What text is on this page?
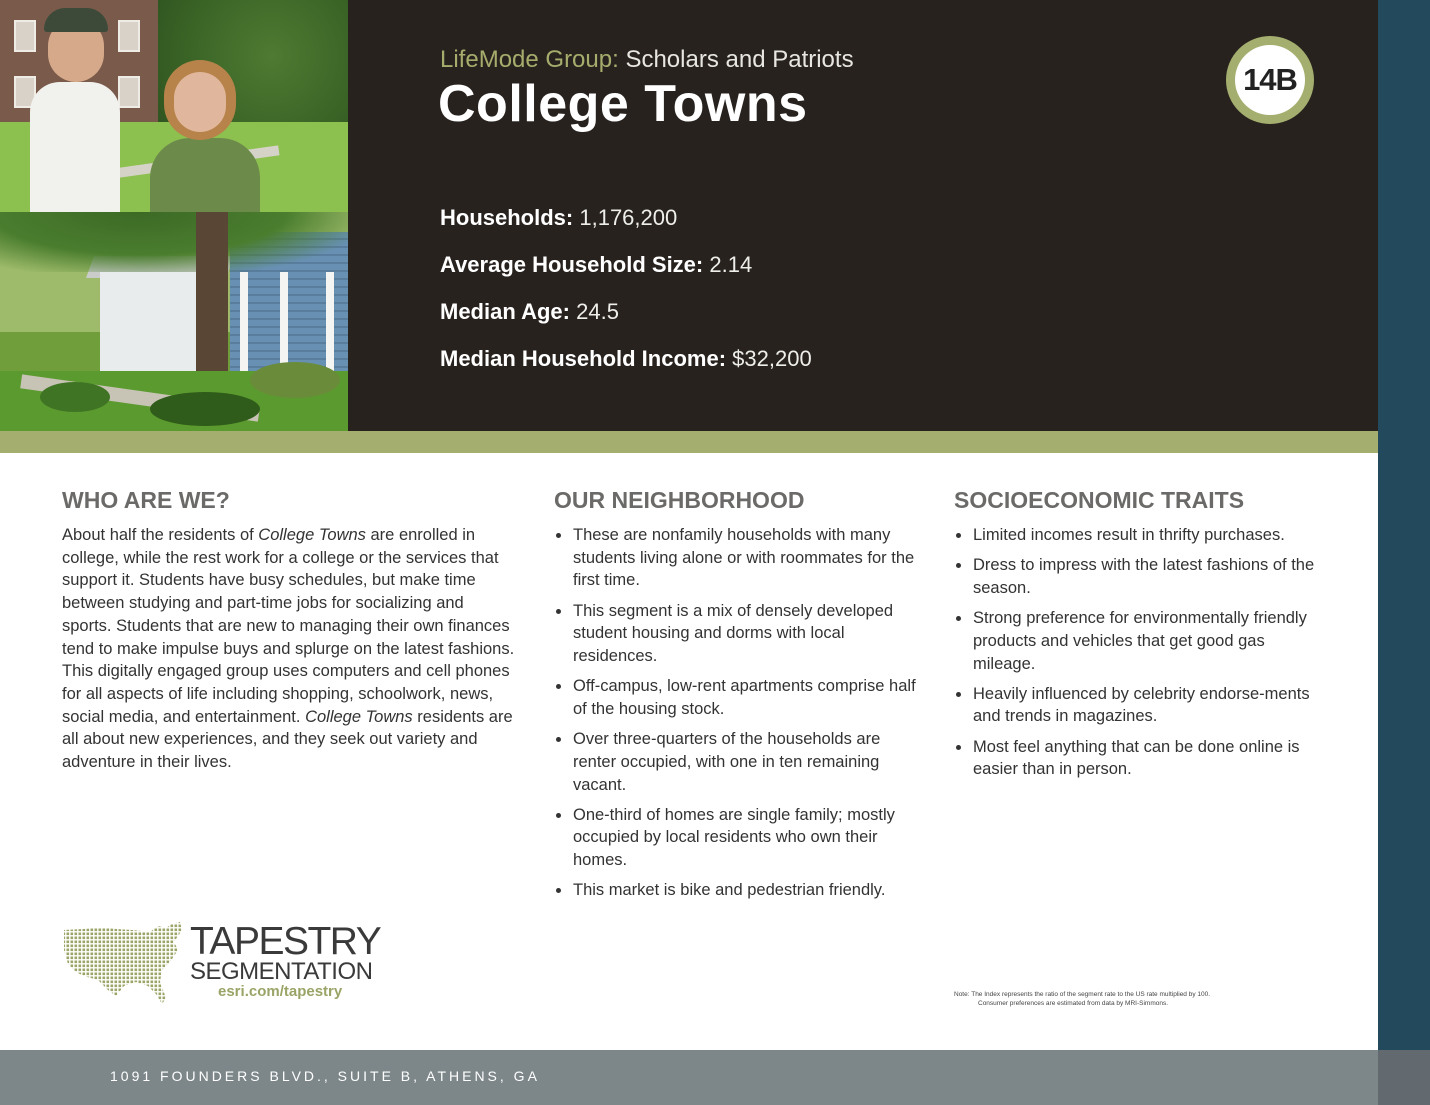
LifeMode Group: Scholars and Patriots
College Towns	14B
Households: 1,176,200
Average Household Size: 2.14
Median Age: 24.5
Median Household Income: $32,200
WHO ARE WE?

About half the residents of College Towns are enrolled in college, while the rest work for a college or the services that support it. Students have busy schedules, but make time between studying and part-time jobs for socializing and sports. Students that are new to managing their own finances tend to make impulse buys and splurge on the latest fashions. This digitally engaged group uses computers and cell phones for all aspects of life including shopping, schoolwork, news, social media, and entertainment. College Towns residents are all about new experiences, and they seek out variety and adventure in their lives.

OUR NEIGHBORHOOD
These are nonfamily households with many students living alone or with roommates for the first time.
This segment is a mix of densely developed student housing and dorms with local residences.
Off-campus, low-rent apartments comprise half of the housing stock.
Over three-quarters of the households are renter occupied, with one in ten remaining vacant.
One-third of homes are single family; mostly occupied by local residents who own their homes.
This market is bike and pedestrian friendly.
SOCIOECONOMIC TRAITS
Limited incomes result in thrifty purchases.
Dress to impress with the latest fashions of the season.
Strong preference for environmentally friendly products and vehicles that get good gas mileage.
Heavily influenced by celebrity endorse-ments and trends in magazines.
Most feel anything that can be done online is easier than in person.
TAPESTRY
SEGMENTATION
esri.com/tapestry	Note: The Index represents the ratio of the segment rate to the US rate multiplied by 100.
Consumer preferences are estimated from data by MRI-Simmons.
1091 FOUNDERS BLVD., SUITE B, ATHENS, GA
